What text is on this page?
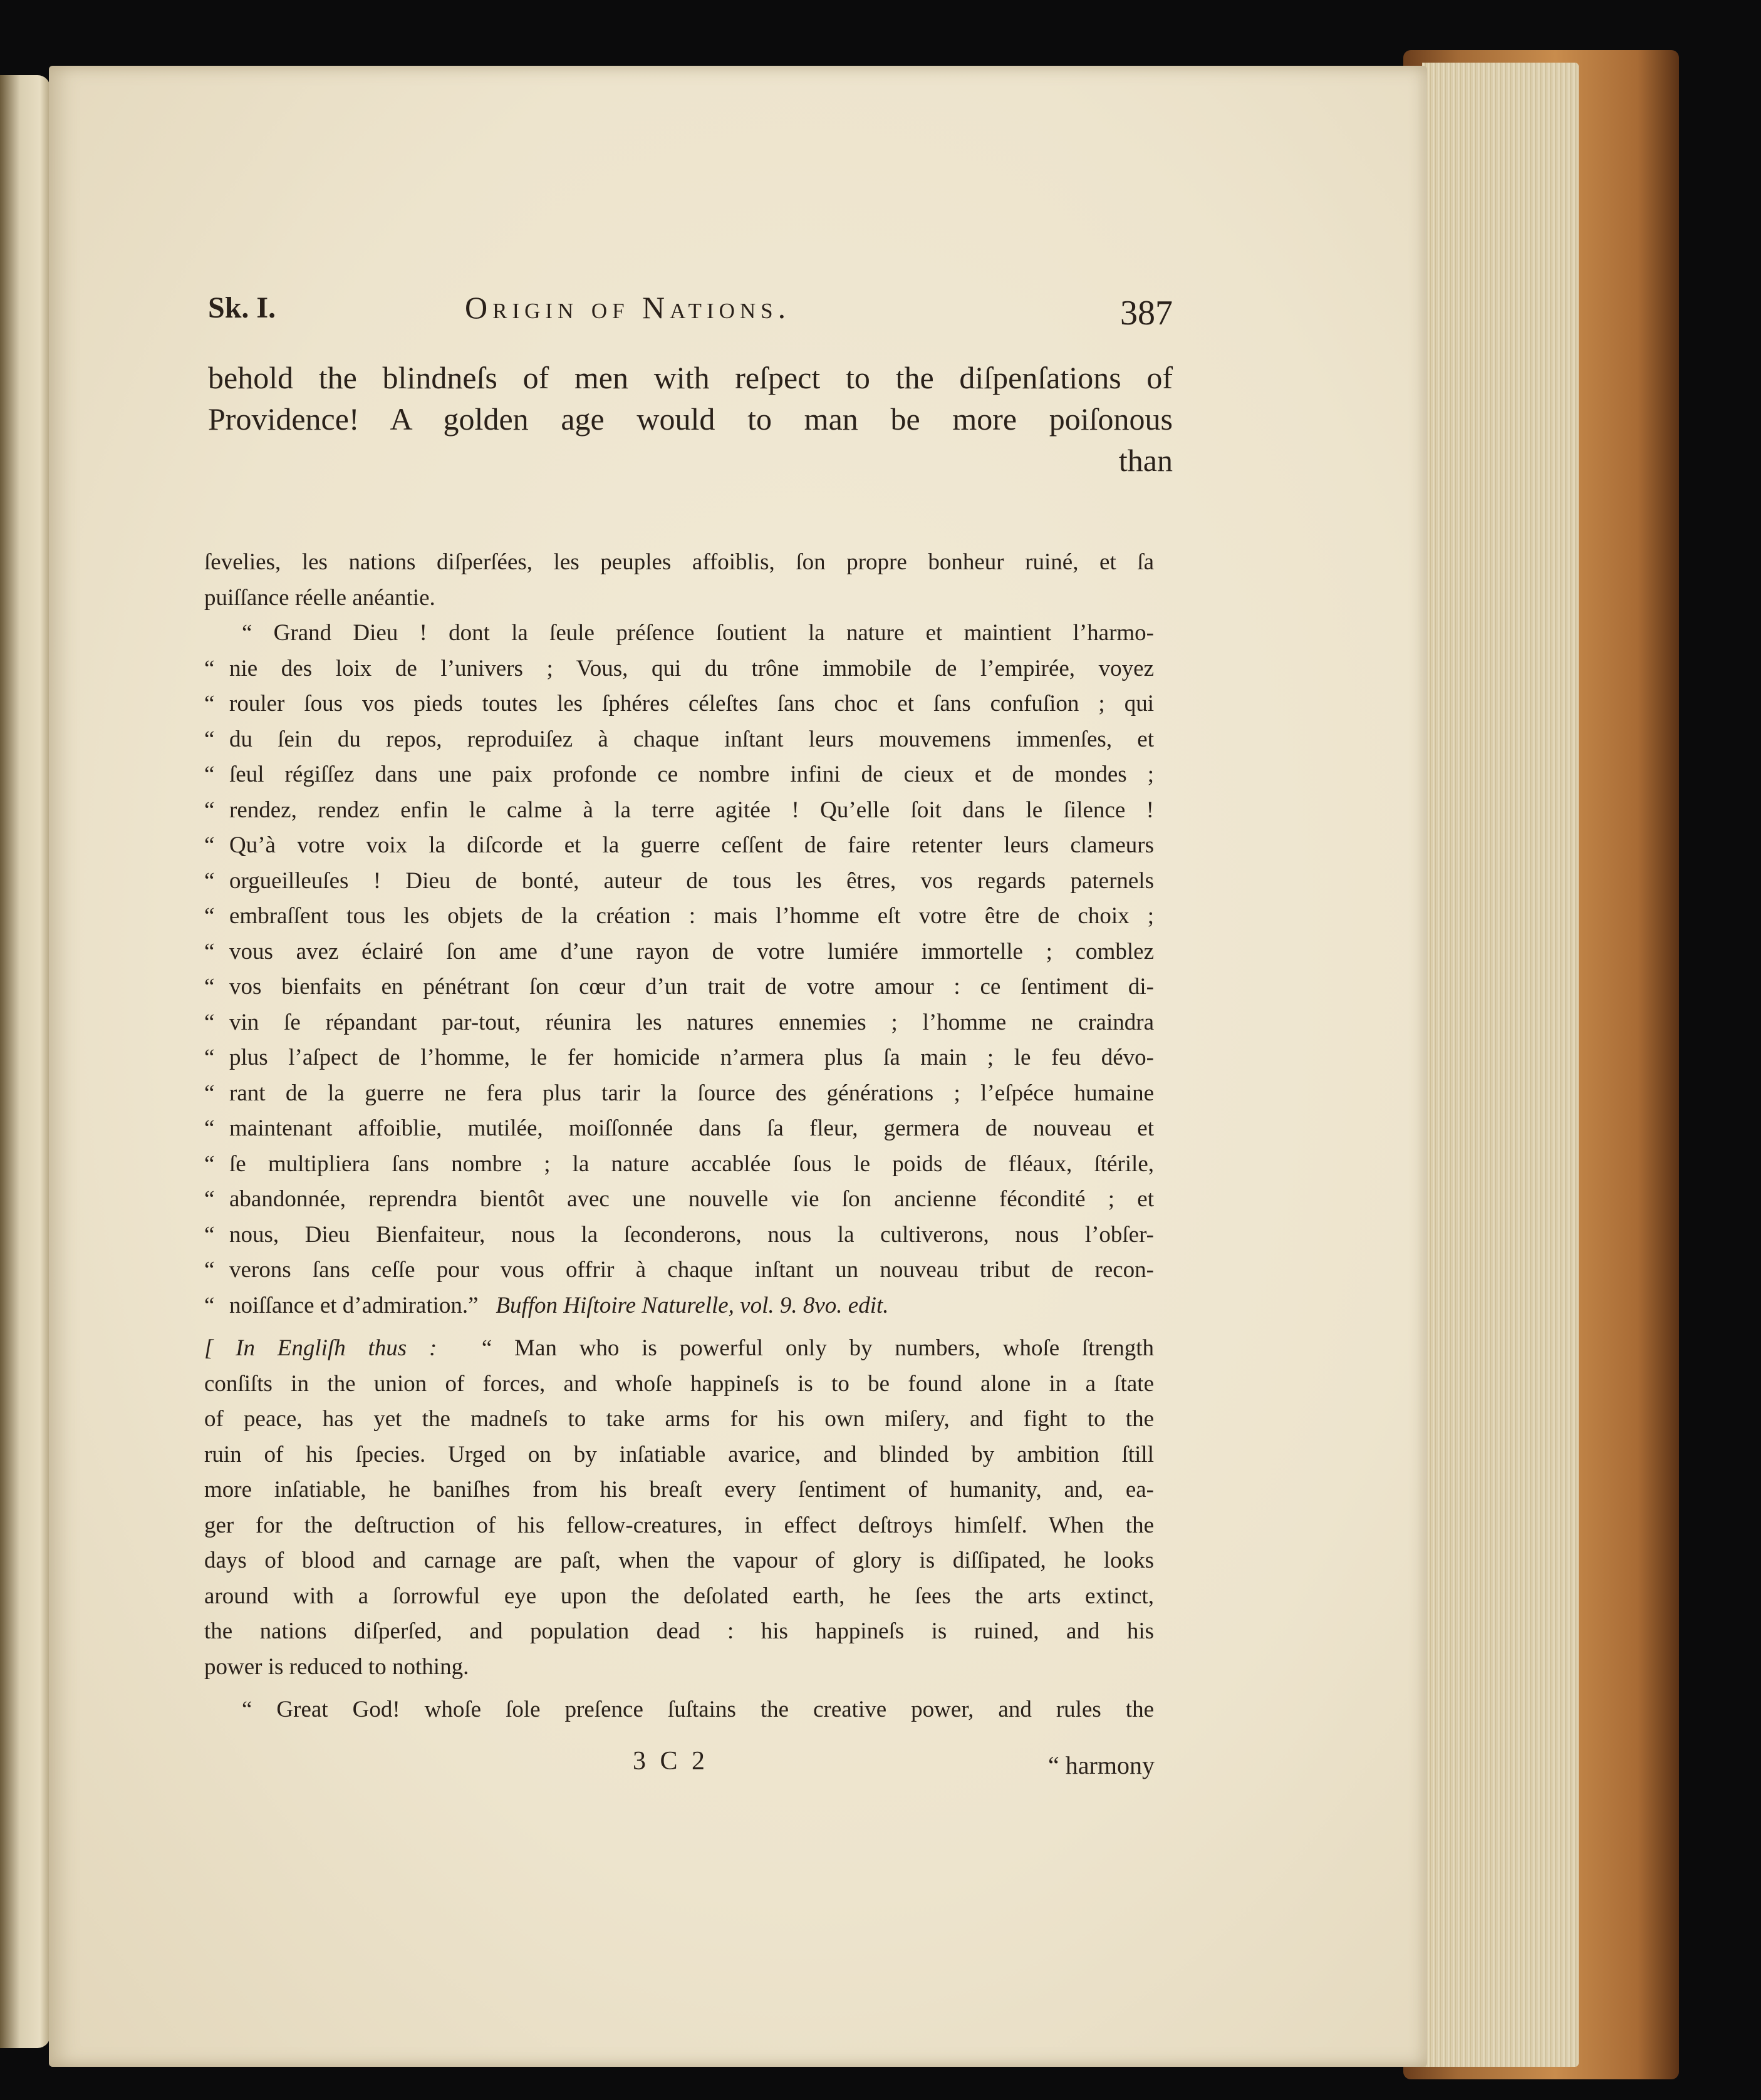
Sk. I.	Origin of Nations.	387
behold the blindneſs of men with reſpect to the diſpenſations of
Providence! A golden age would to man be more poiſonous
than
ſevelies, les nations diſperſées, les peuples affoiblis, ſon propre bonheur ruiné, et ſa
puiſſance réelle anéantie.
“ Grand Dieu ! dont la ſeule préſence ſoutient la nature et maintient l’harmo-
“ nie des loix de l’univers ; Vous, qui du trône immobile de l’empirée, voyez
“ rouler ſous vos pieds toutes les ſphéres céleſtes ſans choc et ſans confuſion ; qui
“ du ſein du repos, reproduiſez à chaque inſtant leurs mouvemens immenſes, et
“ ſeul régiſſez dans une paix profonde ce nombre infini de cieux et de mondes ;
“ rendez, rendez enfin le calme à la terre agitée ! Qu’elle ſoit dans le ſilence !
“ Qu’à votre voix la diſcorde et la guerre ceſſent de faire retenter leurs clameurs
“ orgueilleuſes ! Dieu de bonté, auteur de tous les êtres, vos regards paternels
“ embraſſent tous les objets de la création : mais l’homme eſt votre être de choix ;
“ vous avez éclairé ſon ame d’une rayon de votre lumiére immortelle ; comblez
“ vos bienfaits en pénétrant ſon cœur d’un trait de votre amour : ce ſentiment di-
“ vin ſe répandant par-tout, réunira les natures ennemies ; l’homme ne craindra
“ plus l’aſpect de l’homme, le fer homicide n’armera plus ſa main ; le feu dévo-
“ rant de la guerre ne fera plus tarir la ſource des générations ; l’eſpéce humaine
“ maintenant affoiblie, mutilée, moiſſonnée dans ſa fleur, germera de nouveau et
“ ſe multipliera ſans nombre ; la nature accablée ſous le poids de fléaux, ſtérile,
“ abandonnée, reprendra bientôt avec une nouvelle vie ſon ancienne fécondité ; et
“ nous, Dieu Bienfaiteur, nous la ſeconderons, nous la cultiverons, nous l’obſer-
“ verons ſans ceſſe pour vous offrir à chaque inſtant un nouveau tribut de recon-
“ noiſſance et d’admiration.” Buffon Hiſtoire Naturelle, vol. 9. 8vo. edit.
[ In Engliſh thus : “ Man who is powerful only by numbers, whoſe ſtrength
conſiſts in the union of forces, and whoſe happineſs is to be found alone in a ſtate
of peace, has yet the madneſs to take arms for his own miſery, and fight to the
ruin of his ſpecies. Urged on by inſatiable avarice, and blinded by ambition ſtill
more inſatiable, he baniſhes from his breaſt every ſentiment of humanity, and, ea-
ger for the deſtruction of his fellow-creatures, in effect deſtroys himſelf. When the
days of blood and carnage are paſt, when the vapour of glory is diſſipated, he looks
around with a ſorrowful eye upon the deſolated earth, he ſees the arts extinct,
the nations diſperſed, and population dead : his happineſs is ruined, and his
power is reduced to nothing.
“ Great God! whoſe ſole preſence ſuſtains the creative power, and rules the
3 C 2	“ harmony
